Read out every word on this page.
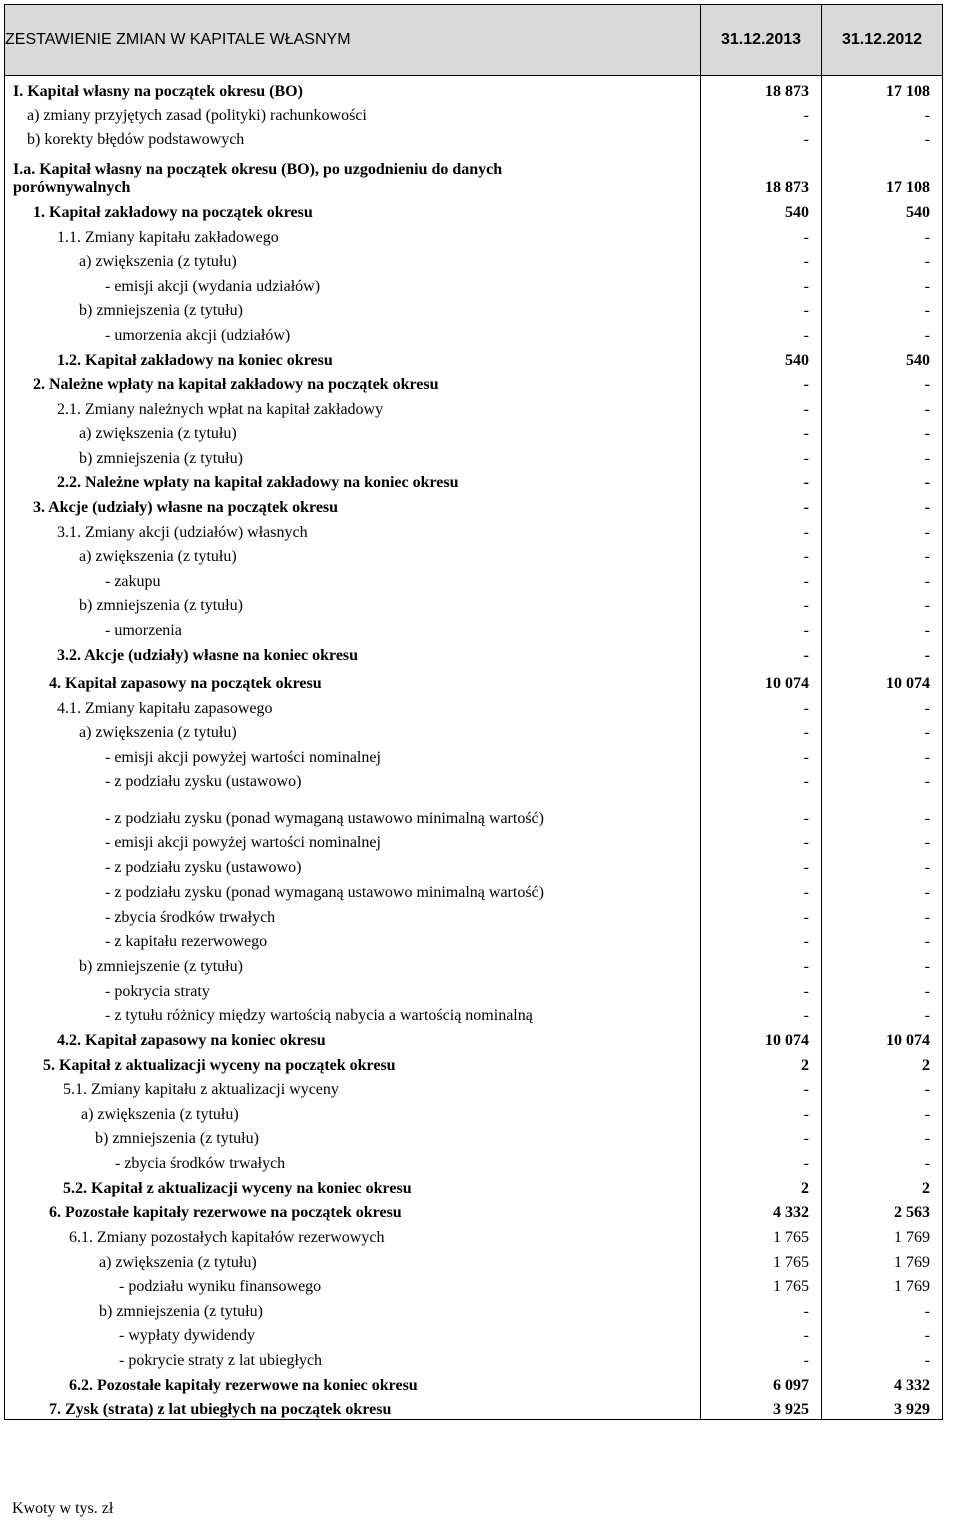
ZESTAWIENIE ZMIAN W KAPITALE WŁASNYM	31.12.2013	31.12.2012
I. Kapitał własny na początek okresu (BO)	18 873	17 108
a) zmiany przyjętych zasad (polityki) rachunkowości	-	-
b) korekty błędów podstawowych	-	-
I.a. Kapitał własny na początek okresu (BO), po uzgodnieniu do danych
porównywalnych	18 873	17 108
1. Kapitał zakładowy na początek okresu	540	540
1.1. Zmiany kapitału zakładowego	-	-
a) zwiększenia (z tytułu)	-	-
- emisji akcji (wydania udziałów)	-	-
b) zmniejszenia (z tytułu)	-	-
- umorzenia akcji (udziałów)	-	-
1.2. Kapitał zakładowy na koniec okresu	540	540
2. Należne wpłaty na kapitał zakładowy na początek okresu	-	-
2.1. Zmiany należnych wpłat na kapitał zakładowy	-	-
a) zwiększenia (z tytułu)	-	-
b) zmniejszenia (z tytułu)	-	-
2.2. Należne wpłaty na kapitał zakładowy na koniec okresu	-	-
3. Akcje (udziały) własne na początek okresu	-	-
3.1. Zmiany akcji (udziałów) własnych	-	-
a) zwiększenia (z tytułu)	-	-
- zakupu	-	-
b) zmniejszenia (z tytułu)	-	-
- umorzenia	-	-
3.2. Akcje (udziały) własne na koniec okresu	-	-
4. Kapitał zapasowy na początek okresu	10 074	10 074
4.1. Zmiany kapitału zapasowego	-	-
a) zwiększenia (z tytułu)	-	-
- emisji akcji powyżej wartości nominalnej	-	-
- z podziału zysku (ustawowo)	-	-
- z podziału zysku (ponad wymaganą ustawowo minimalną wartość)	-	-
- emisji akcji powyżej wartości nominalnej	-	-
- z podziału zysku (ustawowo)	-	-
- z podziału zysku (ponad wymaganą ustawowo minimalną wartość)	-	-
- zbycia środków trwałych	-	-
- z kapitału rezerwowego	-	-
b) zmniejszenie (z tytułu)	-	-
- pokrycia straty	-	-
- z tytułu różnicy między wartością nabycia a wartością nominalną	-	-
4.2. Kapitał zapasowy na koniec okresu	10 074	10 074
5. Kapitał z aktualizacji wyceny na początek okresu	2	2
5.1. Zmiany kapitału z aktualizacji wyceny	-	-
a) zwiększenia (z tytułu)	-	-
b) zmniejszenia (z tytułu)	-	-
- zbycia środków trwałych	-	-
5.2. Kapitał z aktualizacji wyceny na koniec okresu	2	2
6. Pozostałe kapitały rezerwowe na początek okresu	4 332	2 563
6.1. Zmiany pozostałych kapitałów rezerwowych	1 765	1 769
a) zwiększenia (z tytułu)	1 765	1 769
- podziału wyniku finansowego	1 765	1 769
b) zmniejszenia (z tytułu)	-	-
- wypłaty dywidendy	-	-
- pokrycie straty z lat ubiegłych	-	-
6.2. Pozostałe kapitały rezerwowe na koniec okresu	6 097	4 332
7. Zysk (strata) z lat ubiegłych na początek okresu	3 925	3 929
Kwoty w tys. zł
